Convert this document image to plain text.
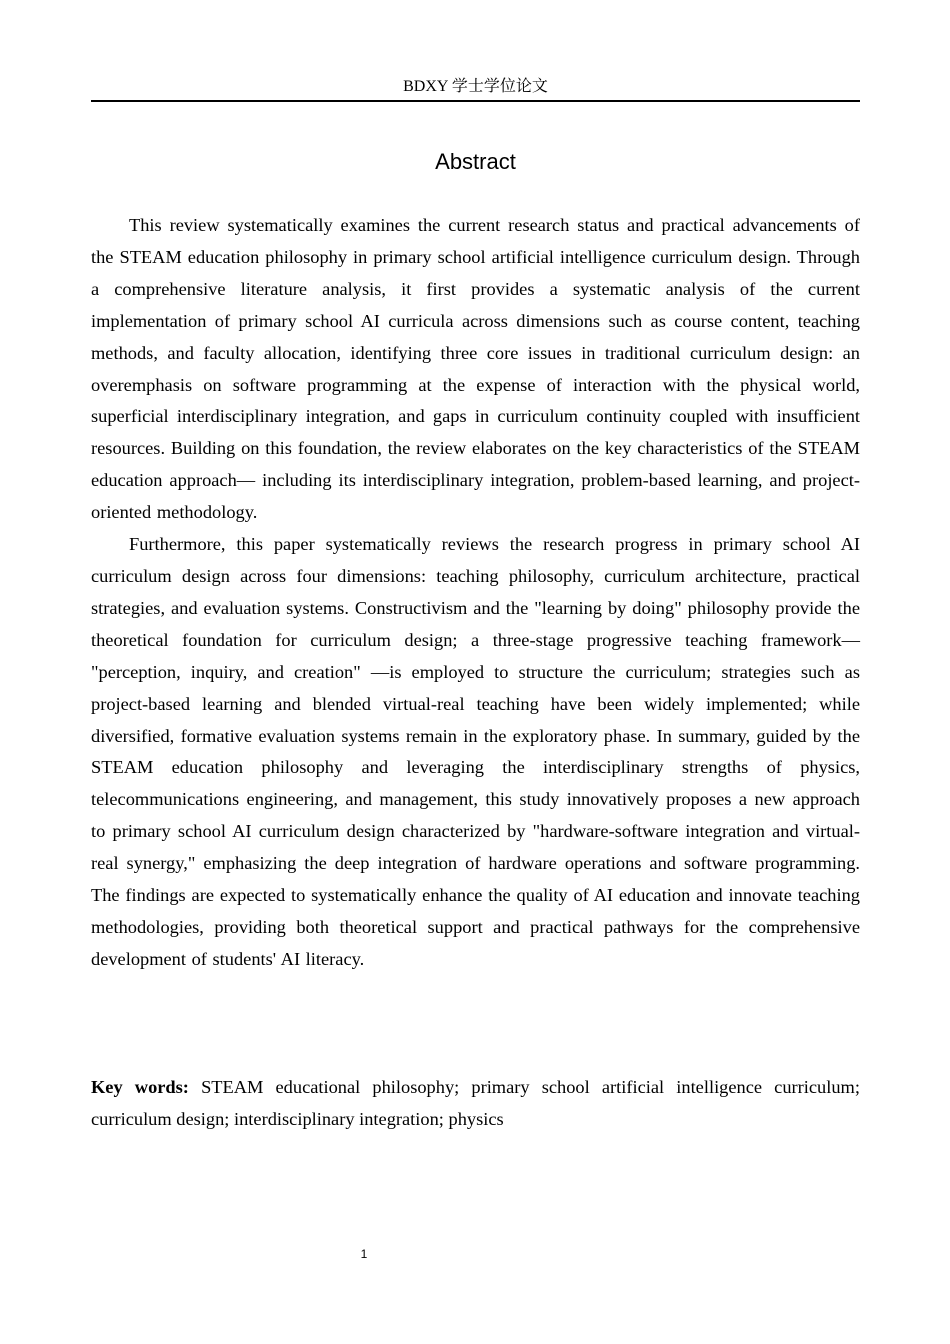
BDXY 学士学位论文
Abstract

This review systematically examines the current research status and practical advancements of the STEAM education philosophy in primary school artificial intelligence curriculum design. Through a comprehensive literature analysis, it first provides a systematic analysis of the current implementation of primary school AI curricula across dimensions such as course content, teaching methods, and faculty allocation, identifying three core issues in traditional curriculum design: an overemphasis on software programming at the expense of interaction with the physical world, superficial interdisciplinary integration, and gaps in curriculum continuity coupled with insufficient resources. Building on this foundation, the review elaborates on the key characteristics of the STEAM education approach— including its interdisciplinary integration, problem-based learning, and project-oriented methodology.

Furthermore, this paper systematically reviews the research progress in primary school AI curriculum design across four dimensions: teaching philosophy, curriculum architecture, practical strategies, and evaluation systems. Constructivism and the "learning by doing" philosophy provide the theoretical foundation for curriculum design; a three-stage progressive teaching framework— "perception, inquiry, and creation" —is employed to structure the curriculum; strategies such as project-based learning and blended virtual-real teaching have been widely implemented; while diversified, formative evaluation systems remain in the exploratory phase. In summary, guided by the STEAM education philosophy and leveraging the interdisciplinary strengths of physics, telecommunications engineering, and management, this study innovatively proposes a new approach to primary school AI curriculum design characterized by "hardware-software integration and virtual-real synergy," emphasizing the deep integration of hardware operations and software programming. The findings are expected to systematically enhance the quality of AI education and innovate teaching methodologies, providing both theoretical support and practical pathways for the comprehensive development of students' AI literacy.

Key words: STEAM educational philosophy; primary school artificial intelligence curriculum; curriculum design; interdisciplinary integration; physics
1
